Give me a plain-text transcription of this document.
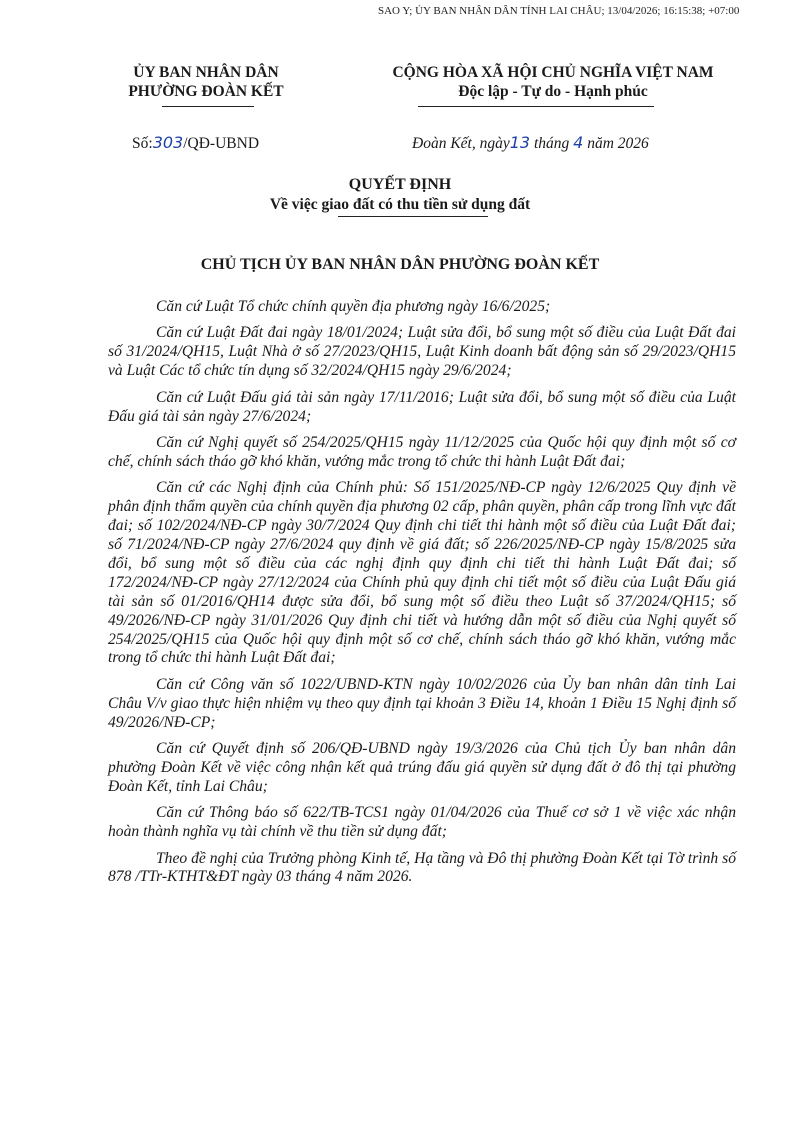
SAO Y; ỦY BAN NHÂN DÂN TỈNH LAI CHÂU; 13/04/2026; 16:15:38; +07:00
ỦY BAN NHÂN DÂN
PHƯỜNG ĐOÀN KẾT
CỘNG HÒA XÃ HỘI CHỦ NGHĨA VIỆT NAM
Độc lập - Tự do - Hạnh phúc
Số:303/QĐ-UBND	Đoàn Kết, ngày13 tháng 4 năm 2026
QUYẾT ĐỊNH
Về việc giao đất có thu tiền sử dụng đất
CHỦ TỊCH ỦY BAN NHÂN DÂN PHƯỜNG ĐOÀN KẾT

Căn cứ Luật Tổ chức chính quyền địa phương ngày 16/6/2025;

Căn cứ Luật Đất đai ngày 18/01/2024; Luật sửa đổi, bổ sung một số điều của Luật Đất đai số 31/2024/QH15, Luật Nhà ở số 27/2023/QH15, Luật Kinh doanh bất động sản số 29/2023/QH15 và Luật Các tổ chức tín dụng số 32/2024/QH15 ngày 29/6/2024;

Căn cứ Luật Đấu giá tài sản ngày 17/11/2016; Luật sửa đổi, bổ sung một số điều của Luật Đấu giá tài sản ngày 27/6/2024;

Căn cứ Nghị quyết số 254/2025/QH15 ngày 11/12/2025 của Quốc hội quy định một số cơ chế, chính sách tháo gỡ khó khăn, vướng mắc trong tổ chức thi hành Luật Đất đai;

Căn cứ các Nghị định của Chính phủ: Số 151/2025/NĐ-CP ngày 12/6/2025 Quy định về phân định thẩm quyền của chính quyền địa phương 02 cấp, phân quyền, phân cấp trong lĩnh vực đất đai; số 102/2024/NĐ-CP ngày 30/7/2024 Quy định chi tiết thi hành một số điều của Luật Đất đai; số 71/2024/NĐ-CP ngày 27/6/2024 quy định về giá đất; số 226/2025/NĐ-CP ngày 15/8/2025 sửa đổi, bổ sung một số điều của các nghị định quy định chi tiết thi hành Luật Đất đai; số 172/2024/NĐ-CP ngày 27/12/2024 của Chính phủ quy định chi tiết một số điều của Luật Đấu giá tài sản số 01/2016/QH14 được sửa đổi, bổ sung một số điều theo Luật số 37/2024/QH15; số 49/2026/NĐ-CP ngày 31/01/2026 Quy định chi tiết và hướng dẫn một số điều của Nghị quyết số 254/2025/QH15 của Quốc hội quy định một số cơ chế, chính sách tháo gỡ khó khăn, vướng mắc trong tổ chức thi hành Luật Đất đai;

Căn cứ Công văn số 1022/UBND-KTN ngày 10/02/2026 của Ủy ban nhân dân tỉnh Lai Châu V/v giao thực hiện nhiệm vụ theo quy định tại khoản 3 Điều 14, khoản 1 Điều 15 Nghị định số 49/2026/NĐ-CP;

Căn cứ Quyết định số 206/QĐ-UBND ngày 19/3/2026 của Chủ tịch Ủy ban nhân dân phường Đoàn Kết về việc công nhận kết quả trúng đấu giá quyền sử dụng đất ở đô thị tại phường Đoàn Kết, tỉnh Lai Châu;

Căn cứ Thông báo số 622/TB-TCS1 ngày 01/04/2026 của Thuế cơ sở 1 về việc xác nhận hoàn thành nghĩa vụ tài chính về thu tiền sử dụng đất;

Theo đề nghị của Trưởng phòng Kinh tế, Hạ tầng và Đô thị phường Đoàn Kết tại Tờ trình số 878 /TTr-KTHT&ĐT ngày 03 tháng 4 năm 2026.
